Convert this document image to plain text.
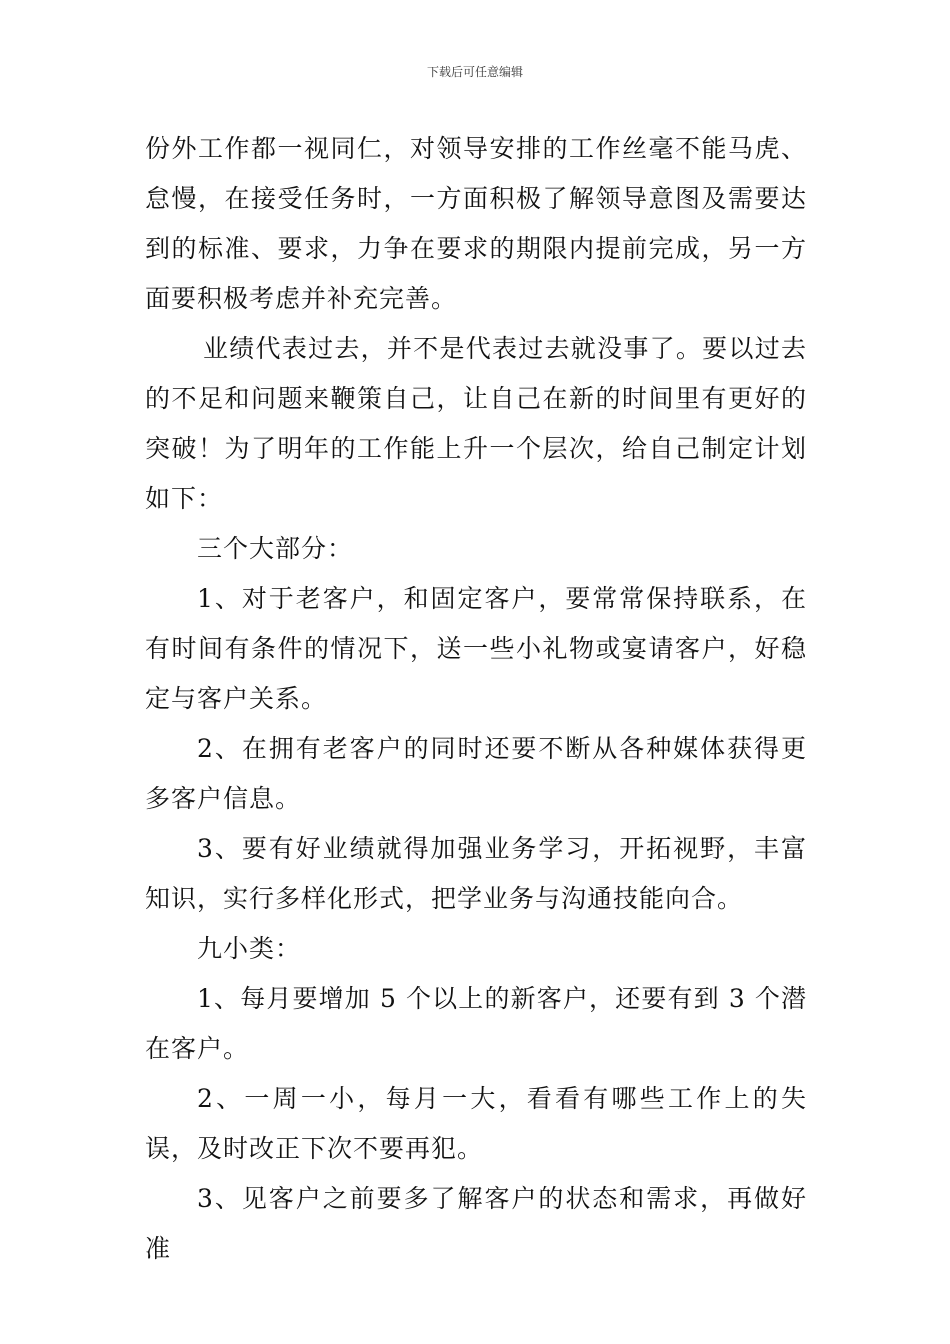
下载后可任意编辑

份外工作都一视同仁，对领导安排的工作丝毫不能马虎、怠慢，在接受任务时，一方面积极了解领导意图及需要达到的标准、要求，力争在要求的期限内提前完成，另一方面要积极考虑并补充完善。

业绩代表过去，并不是代表过去就没事了。要以过去的不足和问题来鞭策自己，让自己在新的时间里有更好的突破！为了明年的工作能上升一个层次，给自己制定计划如下：

三个大部分：

1、对于老客户，和固定客户，要常常保持联系，在有时间有条件的情况下，送一些小礼物或宴请客户，好稳定与客户关系。

2、在拥有老客户的同时还要不断从各种媒体获得更多客户信息。

3、要有好业绩就得加强业务学习，开拓视野，丰富知识，实行多样化形式，把学业务与沟通技能向合。

九小类：

1、每月要增加 5 个以上的新客户，还要有到 3 个潜在客户。

2、一周一小，每月一大，看看有哪些工作上的失误，及时改正下次不要再犯。

3、见客户之前要多了解客户的状态和需求，再做好准
